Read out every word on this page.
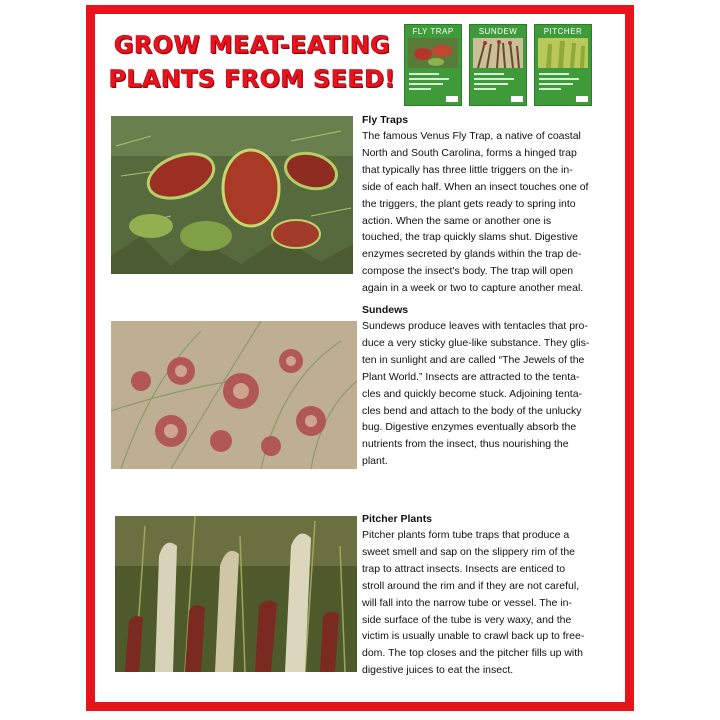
GROW MEAT-EATING
PLANTS FROM SEED!
FLY TRAP	SUNDEW	PITCHER
Fly Traps

The famous Venus Fly Trap, a native of coastal
North and South Carolina, forms a hinged trap
that typically has three little triggers on the in-
side of each half. When an insect touches one of
the triggers, the plant gets ready to spring into
action. When the same or another one is
touched, the trap quickly slams shut. Digestive
enzymes secreted by glands within the trap de-
compose the insect's body. The trap will open
again in a week or two to capture another meal.

Sundews

Sundews produce leaves with tentacles that pro-
duce a very sticky glue-like substance. They glis-
ten in sunlight and are called “The Jewels of the
Plant World.” Insects are attracted to the tenta-
cles and quickly become stuck. Adjoining tenta-
cles bend and attach to the body of the unlucky
bug. Digestive enzymes eventually absorb the
nutrients from the insect, thus nourishing the
plant.

Pitcher Plants

Pitcher plants form tube traps that produce a
sweet smell and sap on the slippery rim of the
trap to attract insects. Insects are enticed to
stroll around the rim and if they are not careful,
will fall into the narrow tube or vessel. The in-
side surface of the tube is very waxy, and the
victim is usually unable to crawl back up to free-
dom. The top closes and the pitcher fills up with
digestive juices to eat the insect.
